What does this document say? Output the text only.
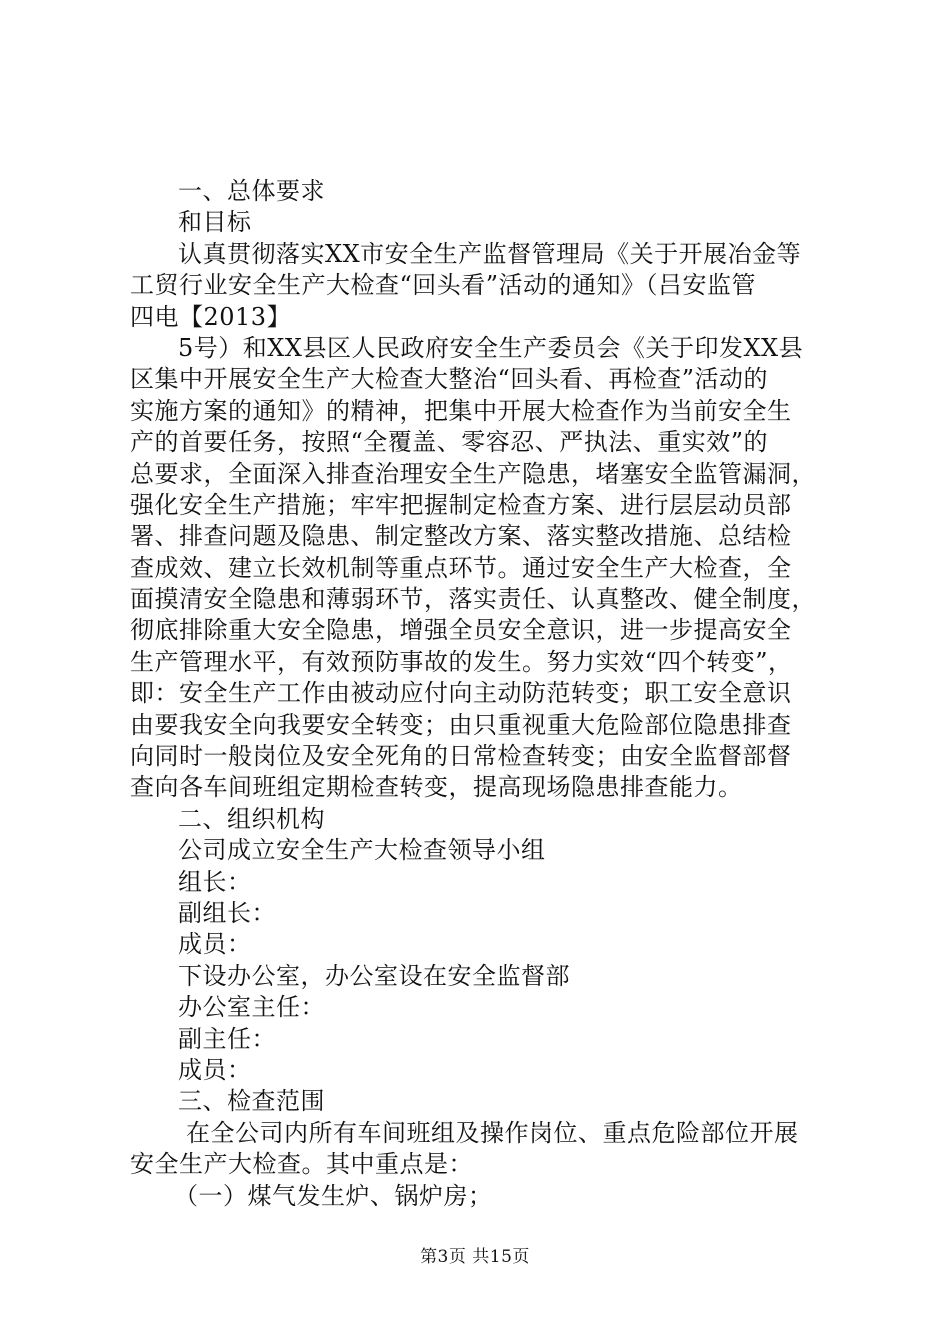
一、总体要求
和目标
认真贯彻落实XX市安全生产监督管理局《关于开展冶金等
工贸行业安全生产大检查“回头看”活动的通知》（吕安监管
四电【2013】
5号）和XX县区人民政府安全生产委员会《关于印发XX县
区集中开展安全生产大检查大整治“回头看、再检查”活动的
实施方案的通知》的精神，把集中开展大检查作为当前安全生
产的首要任务，按照“全覆盖、零容忍、严执法、重实效”的
总要求，全面深入排查治理安全生产隐患，堵塞安全监管漏洞，
强化安全生产措施；牢牢把握制定检查方案、进行层层动员部
署、排查问题及隐患、制定整改方案、落实整改措施、总结检
查成效、建立长效机制等重点环节。通过安全生产大检查，全
面摸清安全隐患和薄弱环节，落实责任、认真整改、健全制度，
彻底排除重大安全隐患，增强全员安全意识，进一步提高安全
生产管理水平，有效预防事故的发生。努力实效“四个转变”，
即：安全生产工作由被动应付向主动防范转变；职工安全意识
由要我安全向我要安全转变；由只重视重大危险部位隐患排查
向同时一般岗位及安全死角的日常检查转变；由安全监督部督
查向各车间班组定期检查转变，提高现场隐患排查能力。
二、组织机构
公司成立安全生产大检查领导小组
组长：
副组长：
成员：
下设办公室，办公室设在安全监督部
办公室主任：
副主任：
成员：
三、检查范围
在全公司内所有车间班组及操作岗位、重点危险部位开展
安全生产大检查。其中重点是：
（一）煤气发生炉、锅炉房；
第3页 共15页
